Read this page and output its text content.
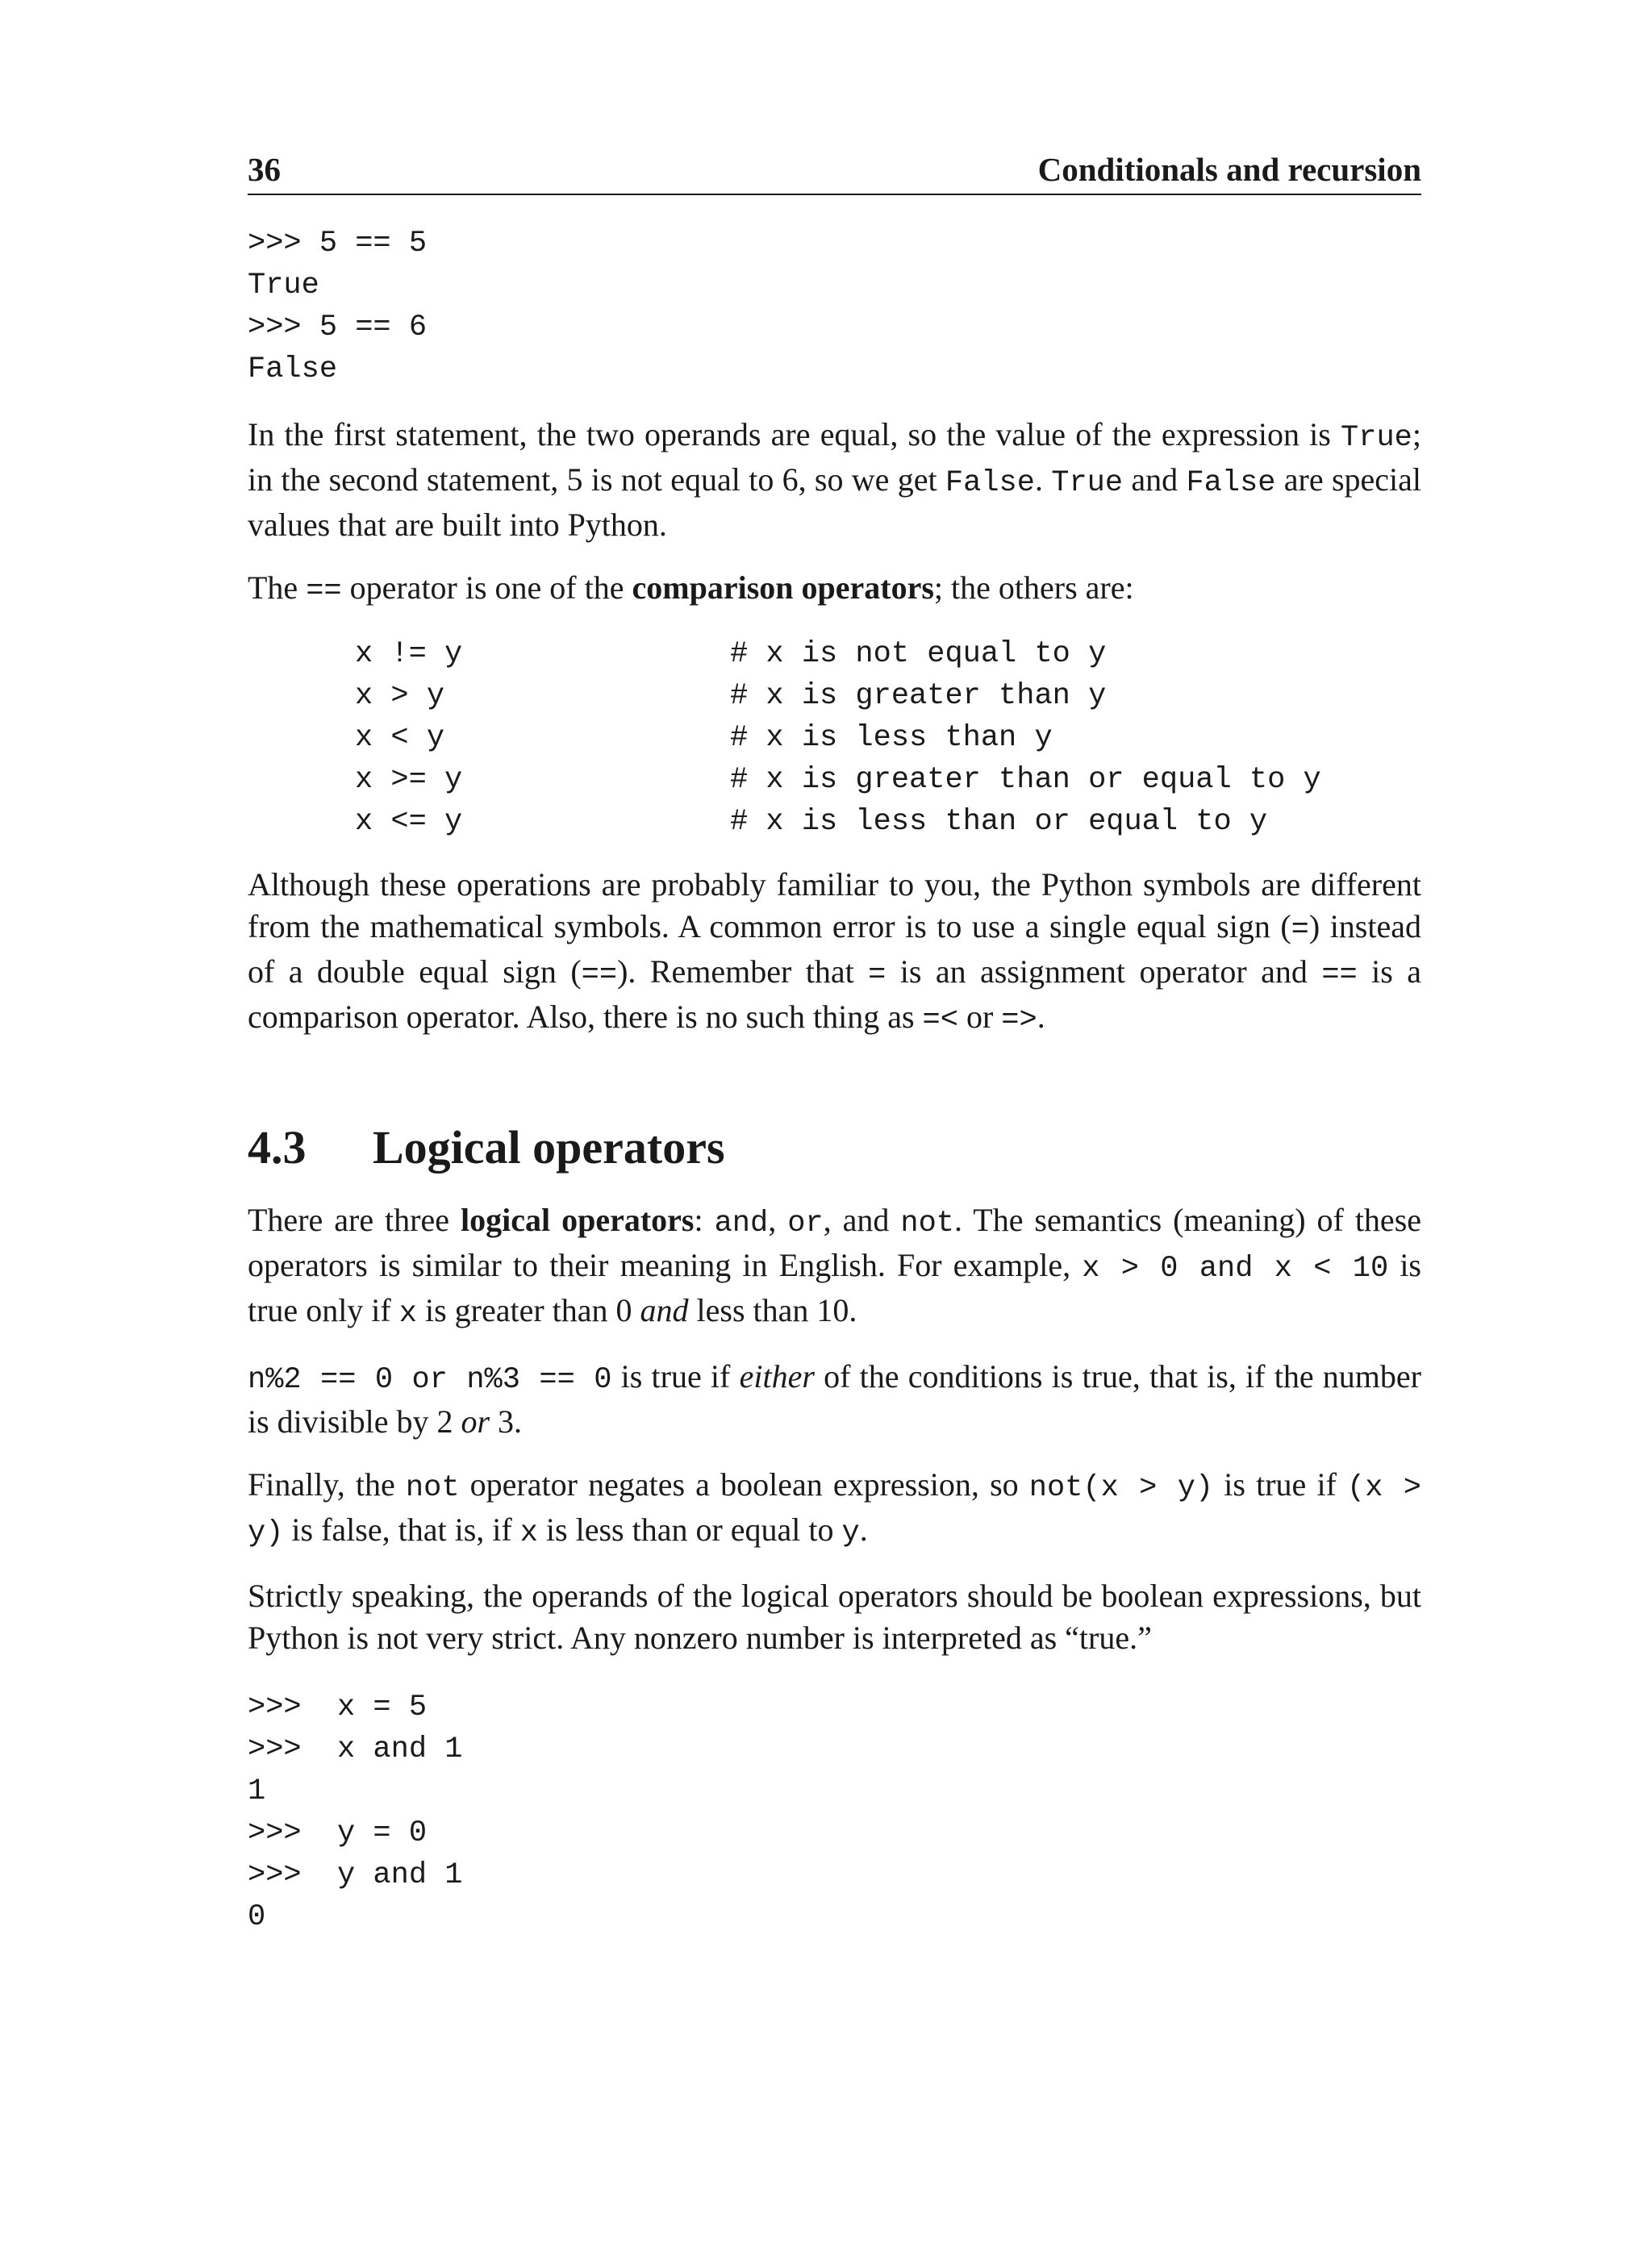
36	Conditionals and recursion
>>> 5 == 5
True
>>> 5 == 6
False

In the first statement, the two operands are equal, so the value of the expression is True; in the second statement, 5 is not equal to 6, so we get False. True and False are special values that are built into Python.

The == operator is one of the comparison operators; the others are:

x != y	# x is not equal to y
x > y	# x is greater than y
x < y	# x is less than y
x >= y	# x is greater than or equal to y
x <= y	# x is less than or equal to y

Although these operations are probably familiar to you, the Python symbols are different from the mathematical symbols. A common error is to use a single equal sign (=) instead of a double equal sign (==). Remember that = is an assignment operator and == is a comparison operator. Also, there is no such thing as =< or =>.

4.3 Logical operators

There are three logical operators: and, or, and not. The semantics (meaning) of these operators is similar to their meaning in English. For example, x > 0 and x < 10 is true only if x is greater than 0 and less than 10.

n%2 == 0 or n%3 == 0 is true if either of the conditions is true, that is, if the number is divisible by 2 or 3.

Finally, the not operator negates a boolean expression, so not(x > y) is true if (x > y) is false, that is, if x is less than or equal to y.

Strictly speaking, the operands of the logical operators should be boolean expressions, but Python is not very strict. Any nonzero number is interpreted as “true.”

>>>  x = 5
>>>  x and 1
1
>>>  y = 0
>>>  y and 1
0
